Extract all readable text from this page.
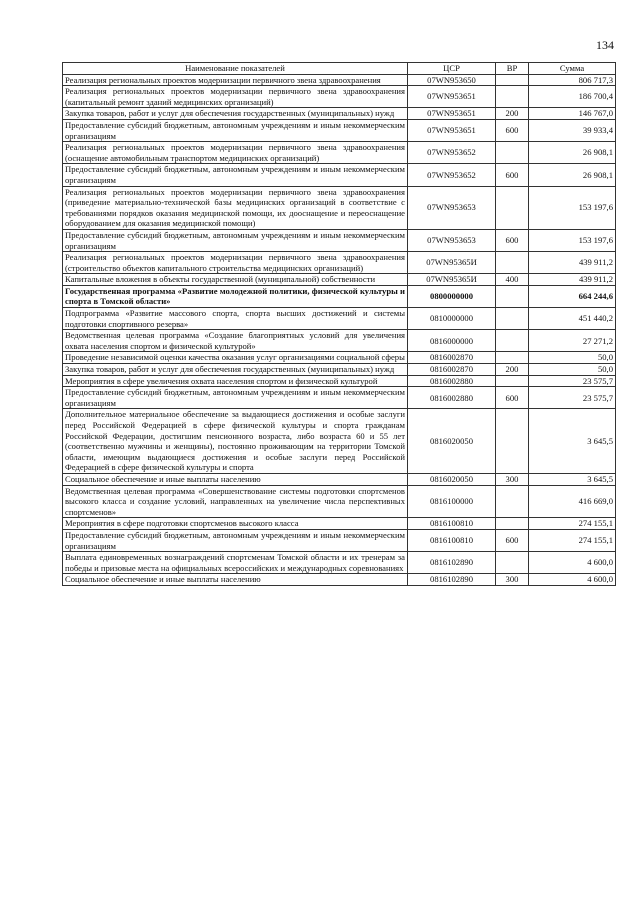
134
Наименование показателей	ЦСР	ВР	Сумма
Реализация региональных проектов модернизации первичного звена здравоохранения	07WN953650		806 717,3
Реализация региональных проектов модернизации первичного звена здравоохранения (капитальный ремонт зданий медицинских организаций)	07WN953651		186 700,4
Закупка товаров, работ и услуг для обеспечения государственных (муниципальных) нужд	07WN953651	200	146 767,0
Предоставление субсидий бюджетным, автономным учреждениям и иным некоммерческим организациям	07WN953651	600	39 933,4
Реализация региональных проектов модернизации первичного звена здравоохранения (оснащение автомобильным транспортом медицинских организаций)	07WN953652		26 908,1
Предоставление субсидий бюджетным, автономным учреждениям и иным некоммерческим организациям	07WN953652	600	26 908,1
Реализация региональных проектов модернизации первичного звена здравоохранения (приведение материально-технической базы медицинских организаций в соответствие с требованиями порядков оказания медицинской помощи, их дооснащение и переоснащение оборудованием для оказания медицинской помощи)	07WN953653		153 197,6
Предоставление субсидий бюджетным, автономным учреждениям и иным некоммерческим организациям	07WN953653	600	153 197,6
Реализация региональных проектов модернизации первичного звена здравоохранения (строительство объектов капитального строительства медицинских организаций)	07WN95365И		439 911,2
Капитальные вложения в объекты государственной (муниципальной) собственности	07WN95365И	400	439 911,2
Государственная программа «Развитие молодежной политики, физической культуры и спорта в Томской области»	0800000000		664 244,6
Подпрограмма «Развитие массового спорта, спорта высших достижений и системы подготовки спортивного резерва»	0810000000		451 440,2
Ведомственная целевая программа «Создание благоприятных условий для увеличения охвата населения спортом и физической культурой»	0816000000		27 271,2
Проведение независимой оценки качества оказания услуг организациями социальной сферы	0816002870		50,0
Закупка товаров, работ и услуг для обеспечения государственных (муниципальных) нужд	0816002870	200	50,0
Мероприятия в сфере увеличения охвата населения спортом и физической культурой	0816002880		23 575,7
Предоставление субсидий бюджетным, автономным учреждениям и иным некоммерческим организациям	0816002880	600	23 575,7
Дополнительное материальное обеспечение за выдающиеся достижения и особые заслуги перед Российской Федерацией в сфере физической культуры и спорта гражданам Российской Федерации, достигшим пенсионного возраста, либо возраста 60 и 55 лет (соответственно мужчины и женщины), постоянно проживающим на территории Томской области, имеющим выдающиеся достижения и особые заслуги перед Российской Федерацией в сфере физической культуры и спорта	0816020050		3 645,5
Социальное обеспечение и иные выплаты населению	0816020050	300	3 645,5
Ведомственная целевая программа «Совершенствование системы подготовки спортсменов высокого класса и создание условий, направленных на увеличение числа перспективных спортсменов»	0816100000		416 669,0
Мероприятия в сфере подготовки спортсменов высокого класса	0816100810		274 155,1
Предоставление субсидий бюджетным, автономным учреждениям и иным некоммерческим организациям	0816100810	600	274 155,1
Выплата единовременных вознаграждений спортсменам Томской области и их тренерам за победы и призовые места на официальных всероссийских и международных соревнованиях	0816102890		4 600,0
Социальное обеспечение и иные выплаты населению	0816102890	300	4 600,0
